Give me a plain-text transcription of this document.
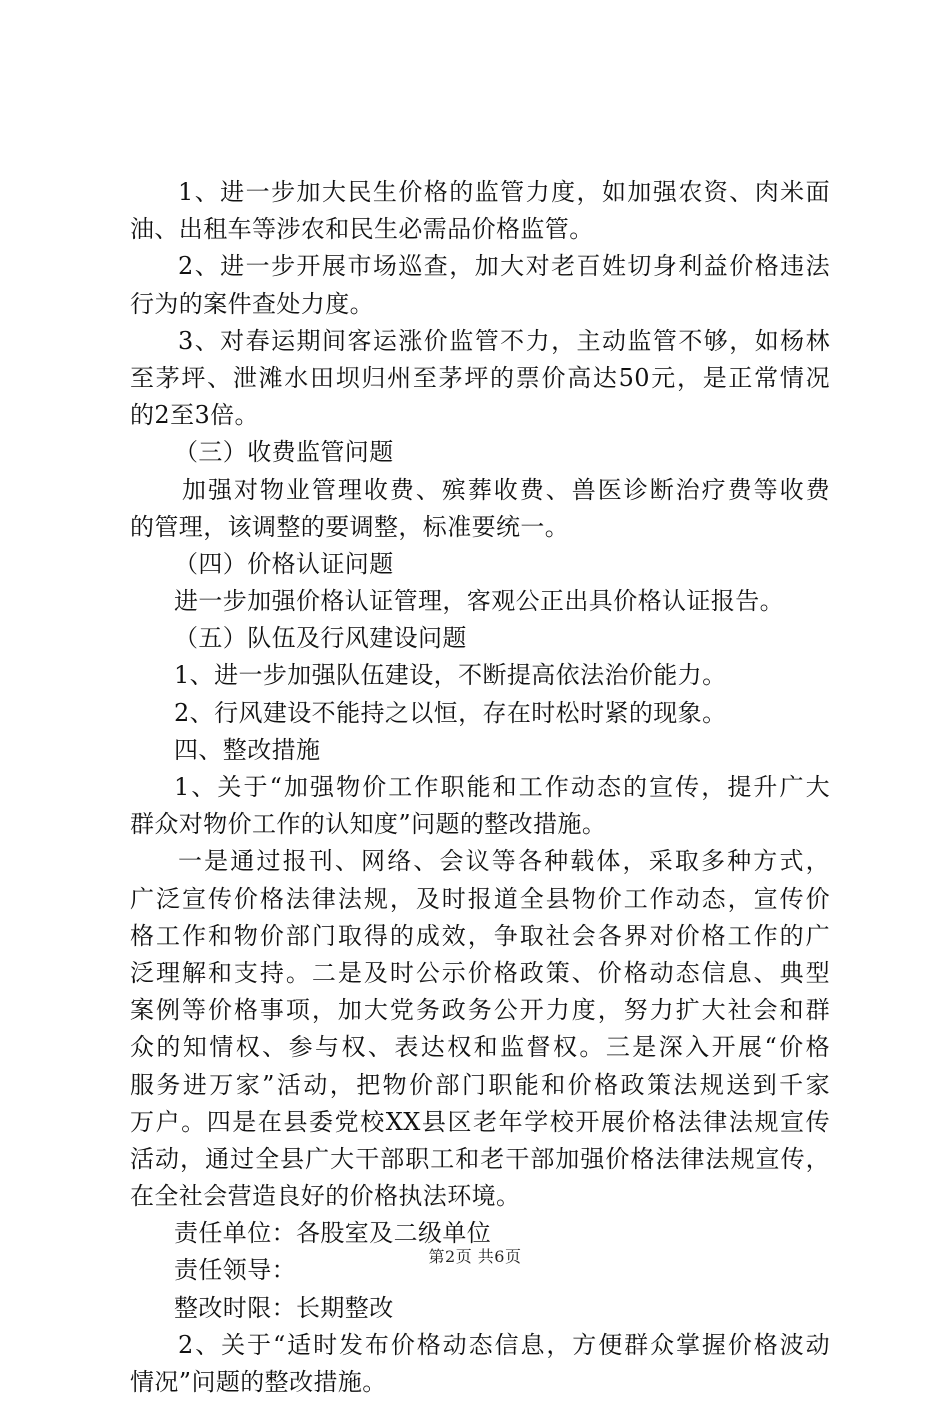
1、进一步加大民生价格的监管力度，如加强农资、肉米面
油、出租车等涉农和民生必需品价格监管。
2、进一步开展市场巡查，加大对老百姓切身利益价格违法
行为的案件查处力度。
3、对春运期间客运涨价监管不力，主动监管不够，如杨林
至茅坪、泄滩水田坝归州至茅坪的票价高达50元，是正常情况
的2至3倍。
（三）收费监管问题
加强对物业管理收费、殡葬收费、兽医诊断治疗费等收费
的管理，该调整的要调整，标准要统一。
（四）价格认证问题
进一步加强价格认证管理，客观公正出具价格认证报告。
（五）队伍及行风建设问题
1、进一步加强队伍建设，不断提高依法治价能力。
2、行风建设不能持之以恒，存在时松时紧的现象。
四、整改措施
1、关于“加强物价工作职能和工作动态的宣传，提升广大
群众对物价工作的认知度”问题的整改措施。
一是通过报刊、网络、会议等各种载体，采取多种方式，
广泛宣传价格法律法规，及时报道全县物价工作动态，宣传价
格工作和物价部门取得的成效，争取社会各界对价格工作的广
泛理解和支持。二是及时公示价格政策、价格动态信息、典型
案例等价格事项，加大党务政务公开力度，努力扩大社会和群
众的知情权、参与权、表达权和监督权。三是深入开展“价格
服务进万家”活动，把物价部门职能和价格政策法规送到千家
万户。四是在县委党校XX县区老年学校开展价格法律法规宣传
活动，通过全县广大干部职工和老干部加强价格法律法规宣传，
在全社会营造良好的价格执法环境。
责任单位：各股室及二级单位
责任领导：
整改时限：长期整改
2、关于“适时发布价格动态信息，方便群众掌握价格波动
情况”问题的整改措施。
第2页 共6页
